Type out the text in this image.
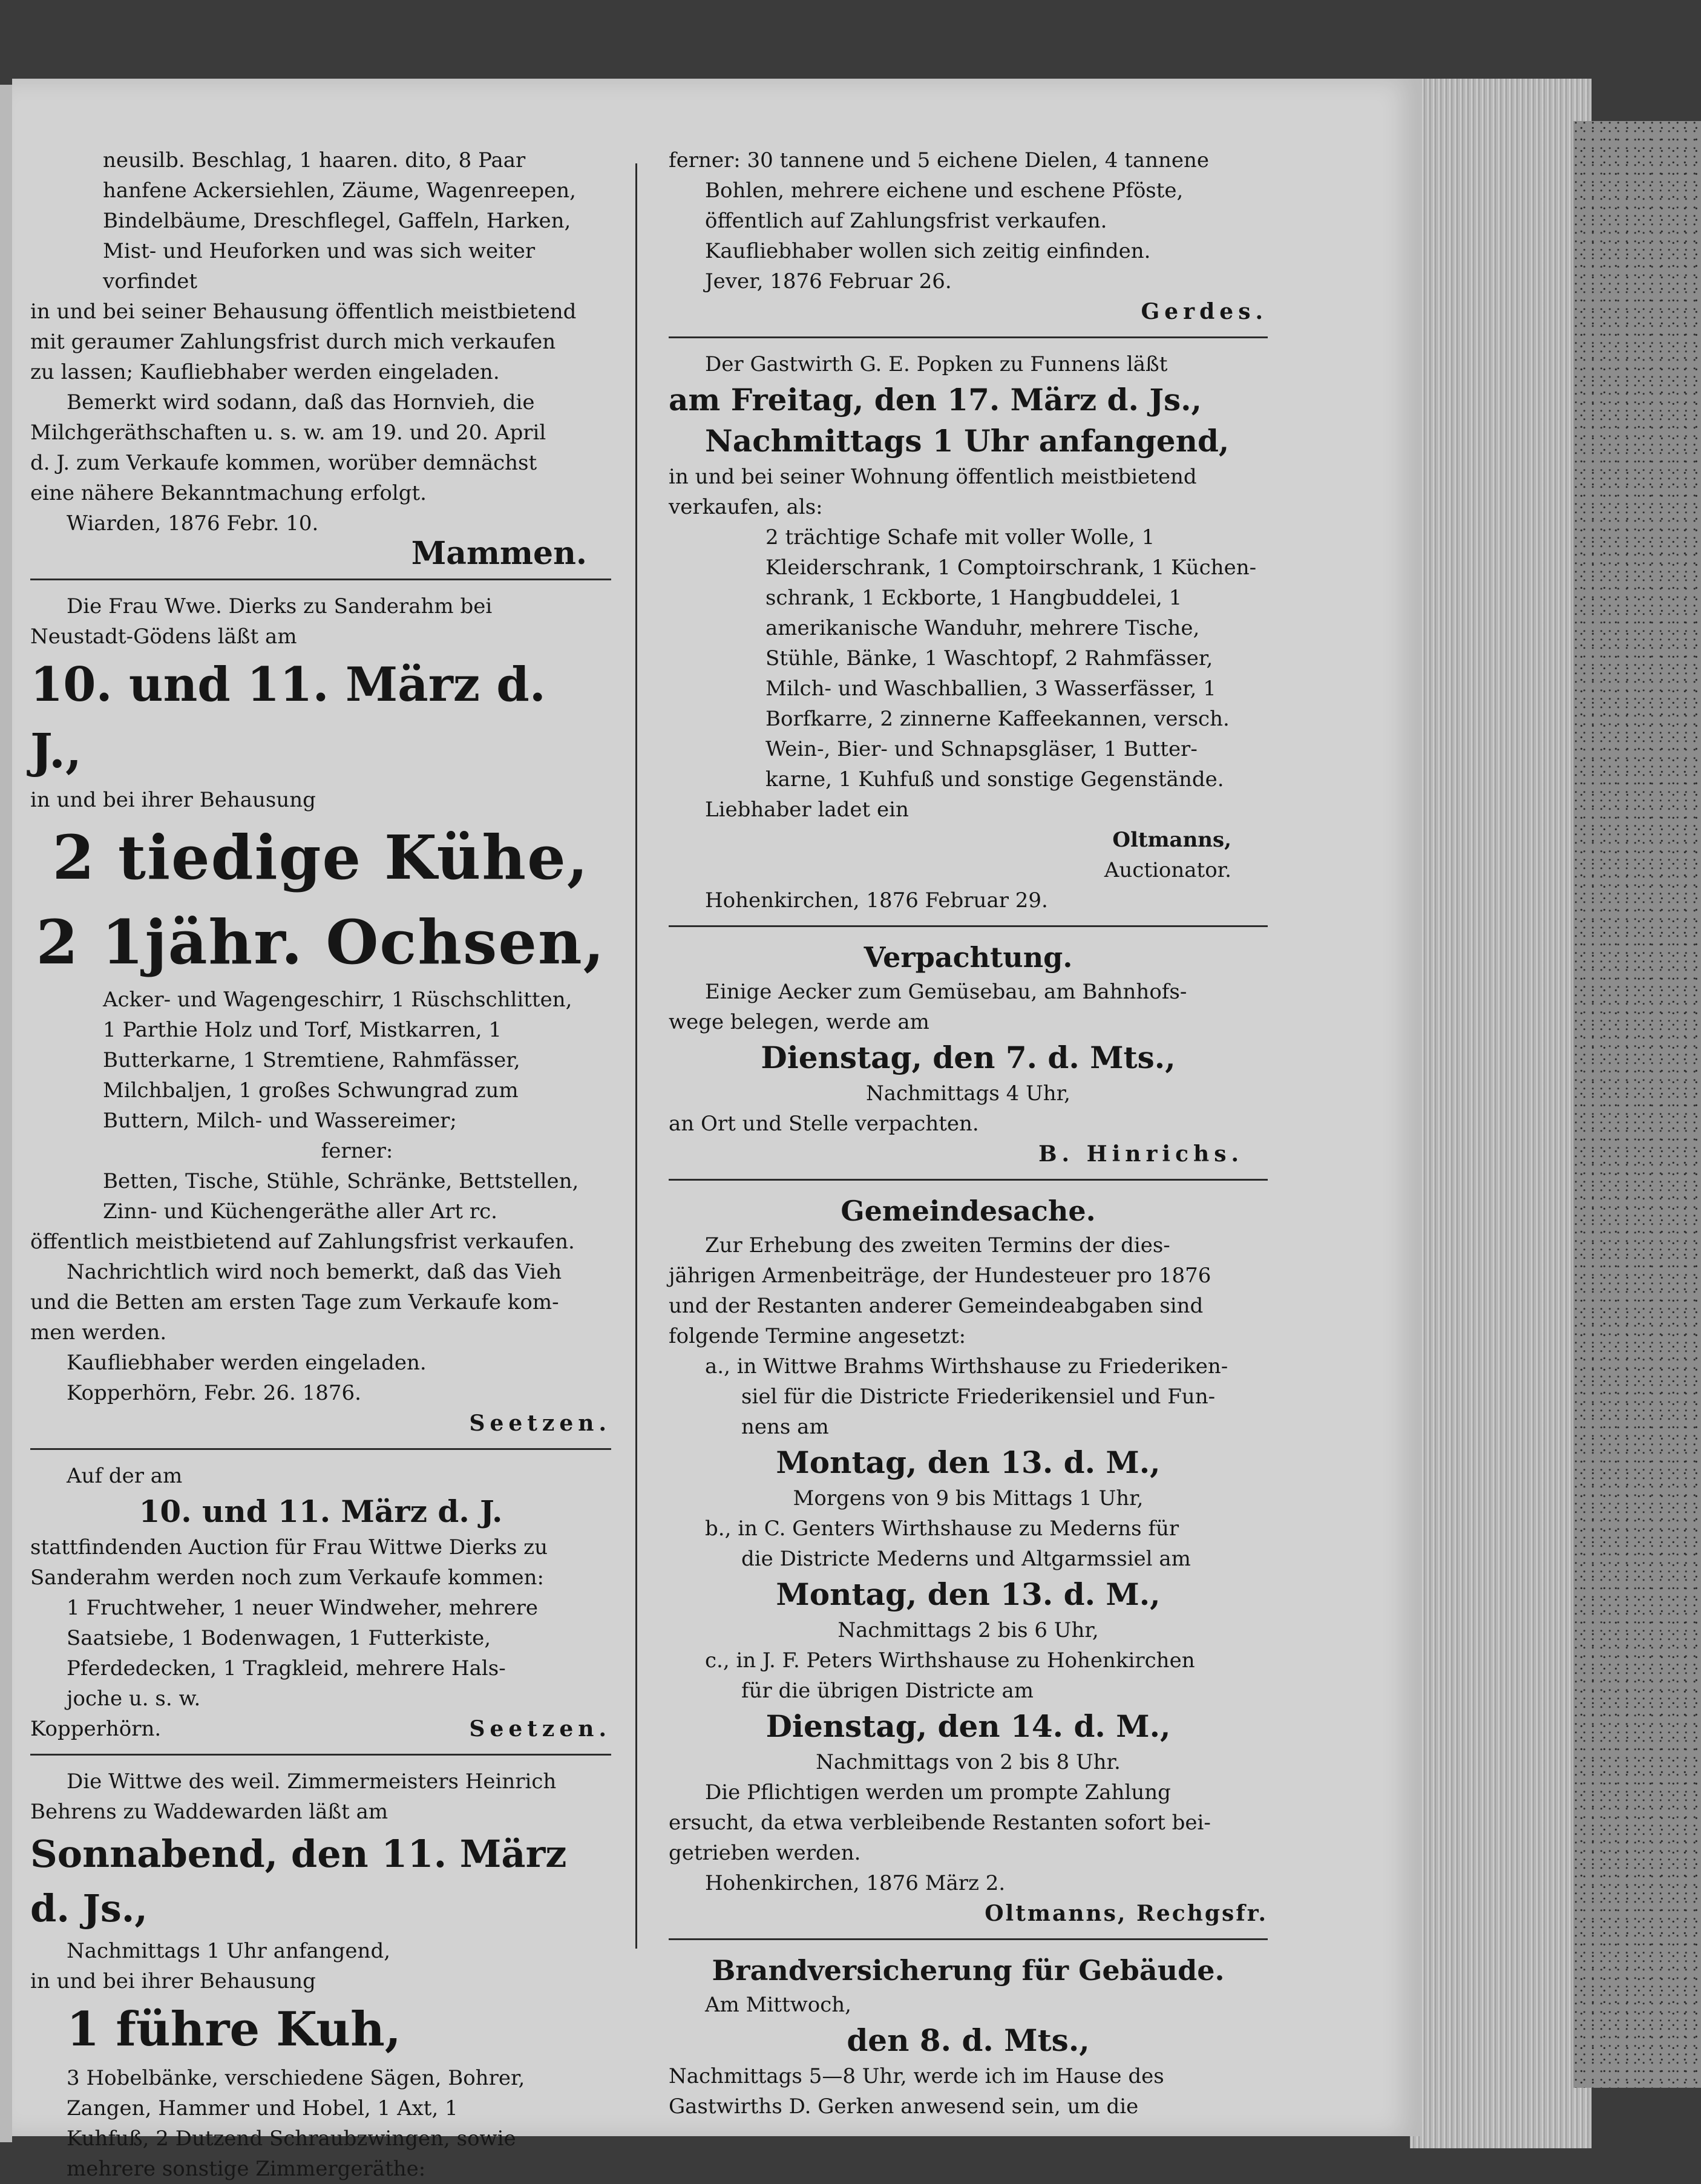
neusilb. Beschlag, 1 haaren. dito, 8 Paar

hanfene Ackersiehlen, Zäume, Wagenreepen,

Bindelbäume, Dreschflegel, Gaffeln, Harken,

Mist- und Heuforken und was sich weiter

vorfindet

in und bei seiner Behausung öffentlich meistbietend

mit geraumer Zahlungsfrist durch mich verkaufen

zu lassen; Kaufliebhaber werden eingeladen.

Bemerkt wird sodann, daß das Hornvieh, die

Milchgeräthschaften u. s. w. am 19. und 20. April

d. J. zum Verkaufe kommen, worüber demnächst

eine nähere Bekanntmachung erfolgt.

Wiarden, 1876 Febr. 10.

Mammen.

Die Frau Wwe. Dierks zu Sanderahm bei

Neustadt-Gödens läßt am

10. und 11. März d. J.,

in und bei ihrer Behausung

2 tiedige Kühe,

2 1jähr. Ochsen,

Acker- und Wagengeschirr, 1 Rüschschlitten,

1 Parthie Holz und Torf, Mistkarren, 1

Butterkarne, 1 Stremtiene, Rahmfässer,

Milchbaljen, 1 großes Schwungrad zum

Buttern, Milch- und Wassereimer;

ferner:

Betten, Tische, Stühle, Schränke, Bettstellen,

Zinn- und Küchengeräthe aller Art rc.

öffentlich meistbietend auf Zahlungsfrist verkaufen.

Nachrichtlich wird noch bemerkt, daß das Vieh

und die Betten am ersten Tage zum Verkaufe kom-

men werden.

Kaufliebhaber werden eingeladen.

Kopperhörn, Febr. 26. 1876.

Seetzen.

Auf der am

10. und 11. März d. J.

stattfindenden Auction für Frau Wittwe Dierks zu

Sanderahm werden noch zum Verkaufe kommen:

1 Fruchtweher, 1 neuer Windweher, mehrere

Saatsiebe, 1 Bodenwagen, 1 Futterkiste,

Pferdedecken, 1 Tragkleid, mehrere Hals-

joche u. s. w.

Kopperhörn.	Seetzen.

Die Wittwe des weil. Zimmermeisters Heinrich

Behrens zu Waddewarden läßt am

Sonnabend, den 11. März d. Js.,

Nachmittags 1 Uhr anfangend,

in und bei ihrer Behausung

1 führe Kuh,

3 Hobelbänke, verschiedene Sägen, Bohrer,

Zangen, Hammer und Hobel, 1 Axt, 1

Kuhfuß, 2 Dutzend Schraubzwingen, sowie

mehrere sonstige Zimmergeräthe:

ferner: 30 tannene und 5 eichene Dielen, 4 tannene

Bohlen, mehrere eichene und eschene Pföste,

öffentlich auf Zahlungsfrist verkaufen.

Kaufliebhaber wollen sich zeitig einfinden.

Jever, 1876 Februar 26.

Gerdes.

Der Gastwirth G. E. Popken zu Funnens läßt

am Freitag, den 17. März d. Js.,

Nachmittags 1 Uhr anfangend,

in und bei seiner Wohnung öffentlich meistbietend

verkaufen, als:

2 trächtige Schafe mit voller Wolle, 1

Kleiderschrank, 1 Comptoirschrank, 1 Küchen-

schrank, 1 Eckborte, 1 Hangbuddelei, 1

amerikanische Wanduhr, mehrere Tische,

Stühle, Bänke, 1 Waschtopf, 2 Rahmfässer,

Milch- und Waschballien, 3 Wasserfässer, 1

Borfkarre, 2 zinnerne Kaffeekannen, versch.

Wein-, Bier- und Schnapsgläser, 1 Butter-

karne, 1 Kuhfuß und sonstige Gegenstände.

Liebhaber ladet ein

Oltmanns,

Auctionator.

Hohenkirchen, 1876 Februar 29.

Verpachtung.

Einige Aecker zum Gemüsebau, am Bahnhofs-

wege belegen, werde am

Dienstag, den 7. d. Mts.,

Nachmittags 4 Uhr,

an Ort und Stelle verpachten.

B. Hinrichs.

Gemeindesache.

Zur Erhebung des zweiten Termins der dies-

jährigen Armenbeiträge, der Hundesteuer pro 1876

und der Restanten anderer Gemeindeabgaben sind

folgende Termine angesetzt:

a., in Wittwe Brahms Wirthshause zu Friederiken-

siel für die Districte Friederikensiel und Fun-

nens am

Montag, den 13. d. M.,

Morgens von 9 bis Mittags 1 Uhr,

b., in C. Genters Wirthshause zu Mederns für

die Districte Mederns und Altgarmssiel am

Montag, den 13. d. M.,

Nachmittags 2 bis 6 Uhr,

c., in J. F. Peters Wirthshause zu Hohenkirchen

für die übrigen Districte am

Dienstag, den 14. d. M.,

Nachmittags von 2 bis 8 Uhr.

Die Pflichtigen werden um prompte Zahlung

ersucht, da etwa verbleibende Restanten sofort bei-

getrieben werden.

Hohenkirchen, 1876 März 2.

Oltmanns, Rechgsfr.

Brandversicherung für Gebäude.

Am Mittwoch,

den 8. d. Mts.,

Nachmittags 5—8 Uhr, werde ich im Hause des

Gastwirths D. Gerken anwesend sein, um die
